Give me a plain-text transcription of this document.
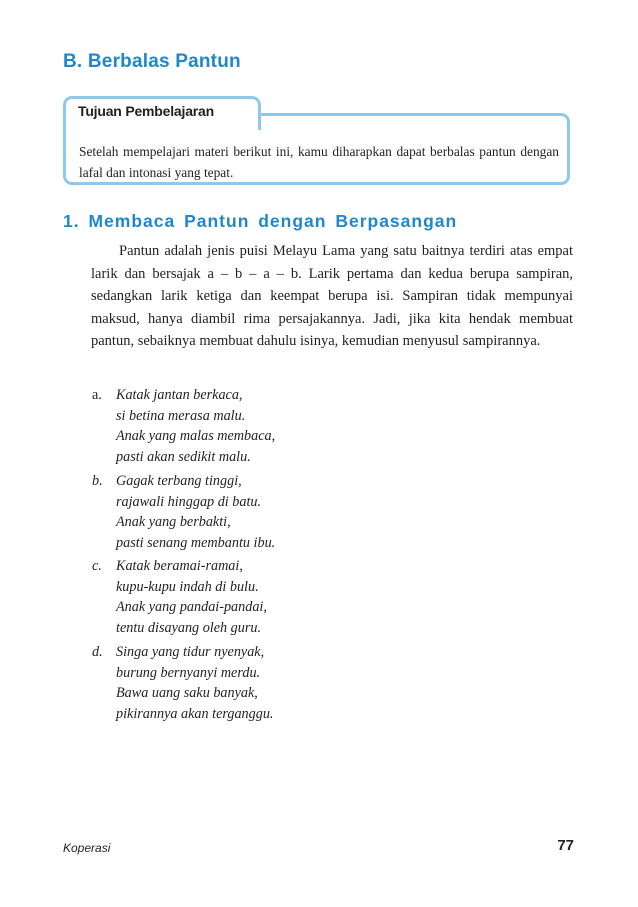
B. Berbalas Pantun
Tujuan Pembelajaran
Setelah mempelajari materi berikut ini, kamu diharapkan dapat berbalas pantun dengan lafal dan intonasi yang tepat.
1. Membaca Pantun dengan Berpasangan

Pantun adalah jenis puisi Melayu Lama yang satu baitnya terdiri atas empat larik dan bersajak a – b – a – b. Larik pertama dan kedua berupa sampiran, sedangkan larik ketiga dan keempat berupa isi. Sampiran tidak mempunyai maksud, hanya diambil rima persajakannya. Jadi, jika kita hendak membuat pantun, sebaiknya membuat dahulu isinya, kemudian menyusul sampirannya.

a. Katak jantan berkaca,
si betina merasa malu.
Anak yang malas membaca,
pasti akan sedikit malu.
b. Gagak terbang tinggi,
rajawali hinggap di batu.
Anak yang berbakti,
pasti senang membantu ibu.
c. Katak beramai-ramai,
kupu-kupu indah di bulu.
Anak yang pandai-pandai,
tentu disayang oleh guru.
d. Singa yang tidur nyenyak,
burung bernyanyi merdu.
Bawa uang saku banyak,
pikirannya akan terganggu.
Koperasi	77
